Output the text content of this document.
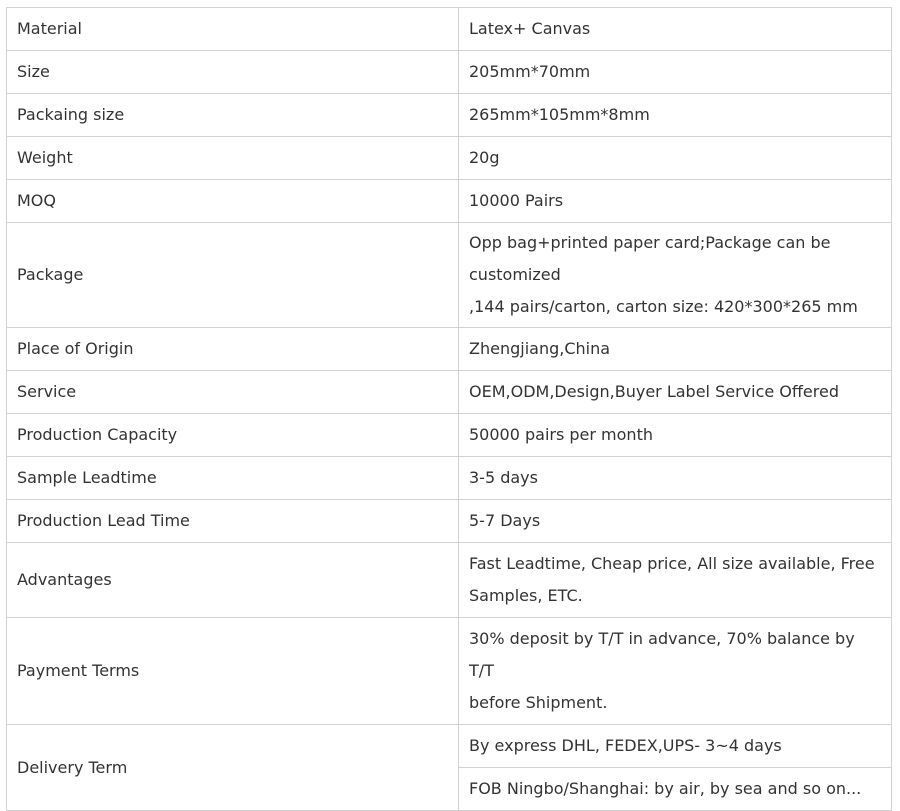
Material	Latex+ Canvas
Size	205mm*70mm
Packaing size	265mm*105mm*8mm
Weight	20g
MOQ	10000 Pairs
Package	Opp bag+printed paper card;Package can be
customized
,144 pairs/carton, carton size: 420*300*265 mm

Place of Origin	Zhengjiang,China
Service	OEM,ODM,Design,Buyer Label Service Offered
Production Capacity	50000 pairs per month
Sample Leadtime	3-5 days
Production Lead Time	5-7 Days
Advantages	Fast Leadtime, Cheap price, All size available, Free
Samples, ETC.

Payment Terms	30% deposit by T/T in advance, 70% balance by T/T
before Shipment.

Delivery Term	By express DHL, FEDEX,UPS- 3~4 days
	FOB Ningbo/Shanghai: by air, by sea and so on...
